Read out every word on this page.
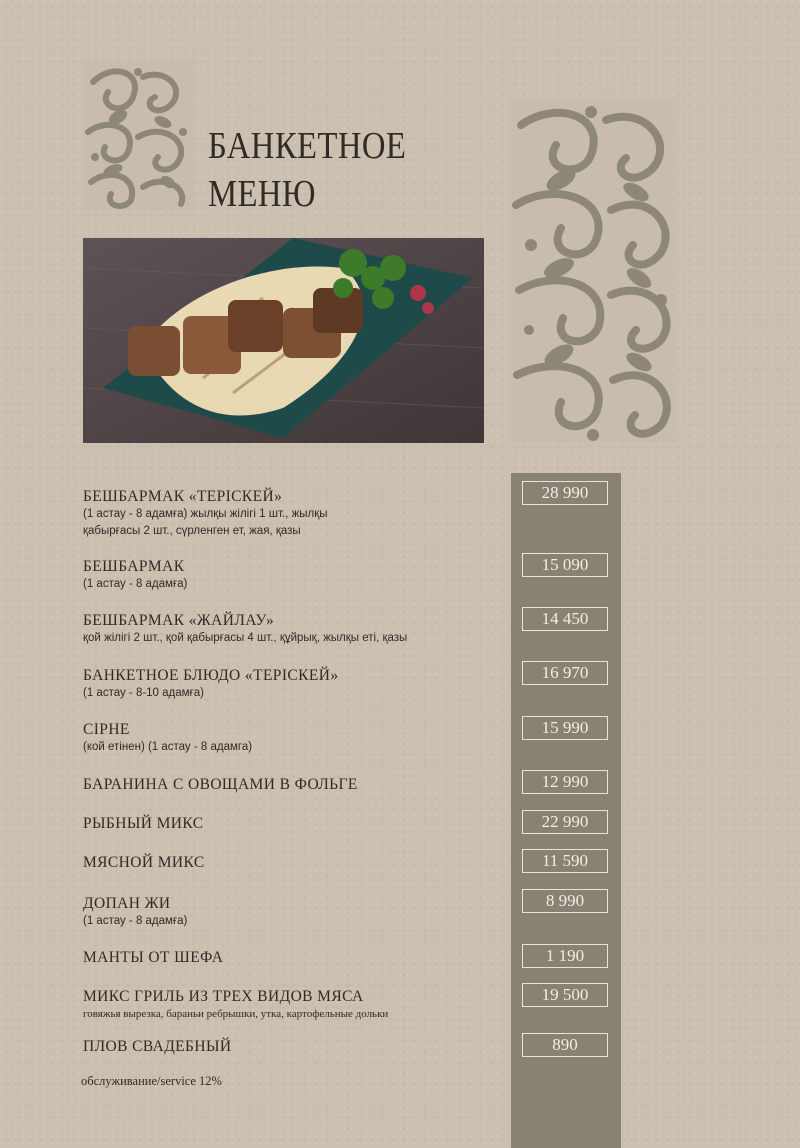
БАНКЕТНОЕ
МЕНЮ
БЕШБАРМАК «ТЕРІСКЕЙ»
(1 астау - 8 адамға) жылқы жілігі 1 шт., жылқы
қабырғасы 2 шт., сүрленген ет, жая, қазы
28 990
БЕШБАРМАК
(1 астау - 8 адамға)
15 090
БЕШБАРМАК «ЖАЙЛАУ»
қой жілігі 2 шт., қой қабырғасы 4 шт., құйрық, жылқы еті, қазы
14 450
БАНКЕТНОЕ БЛЮДО «ТЕРІСКЕЙ»
(1 астау - 8-10 адамға)
16 970
СІРНЕ
(кой етінен) (1 астау - 8 адамга)
15 990
БАРАНИНА С ОВОЩАМИ В ФОЛЬГЕ	12 990
РЫБНЫЙ МИКС	22 990
МЯСНОЙ МИКС	11 590
ДОПАН ЖИ
(1 астау - 8 адамға)
8 990
МАНТЫ ОТ ШЕФА	1 190
МИКС ГРИЛЬ ИЗ ТРЕХ ВИДОВ МЯСА
говяжья вырезка, бараньи ребрышки, утка, картофельные дольки
19 500
ПЛОВ СВАДЕБНЫЙ	890
обслуживание/service 12%
